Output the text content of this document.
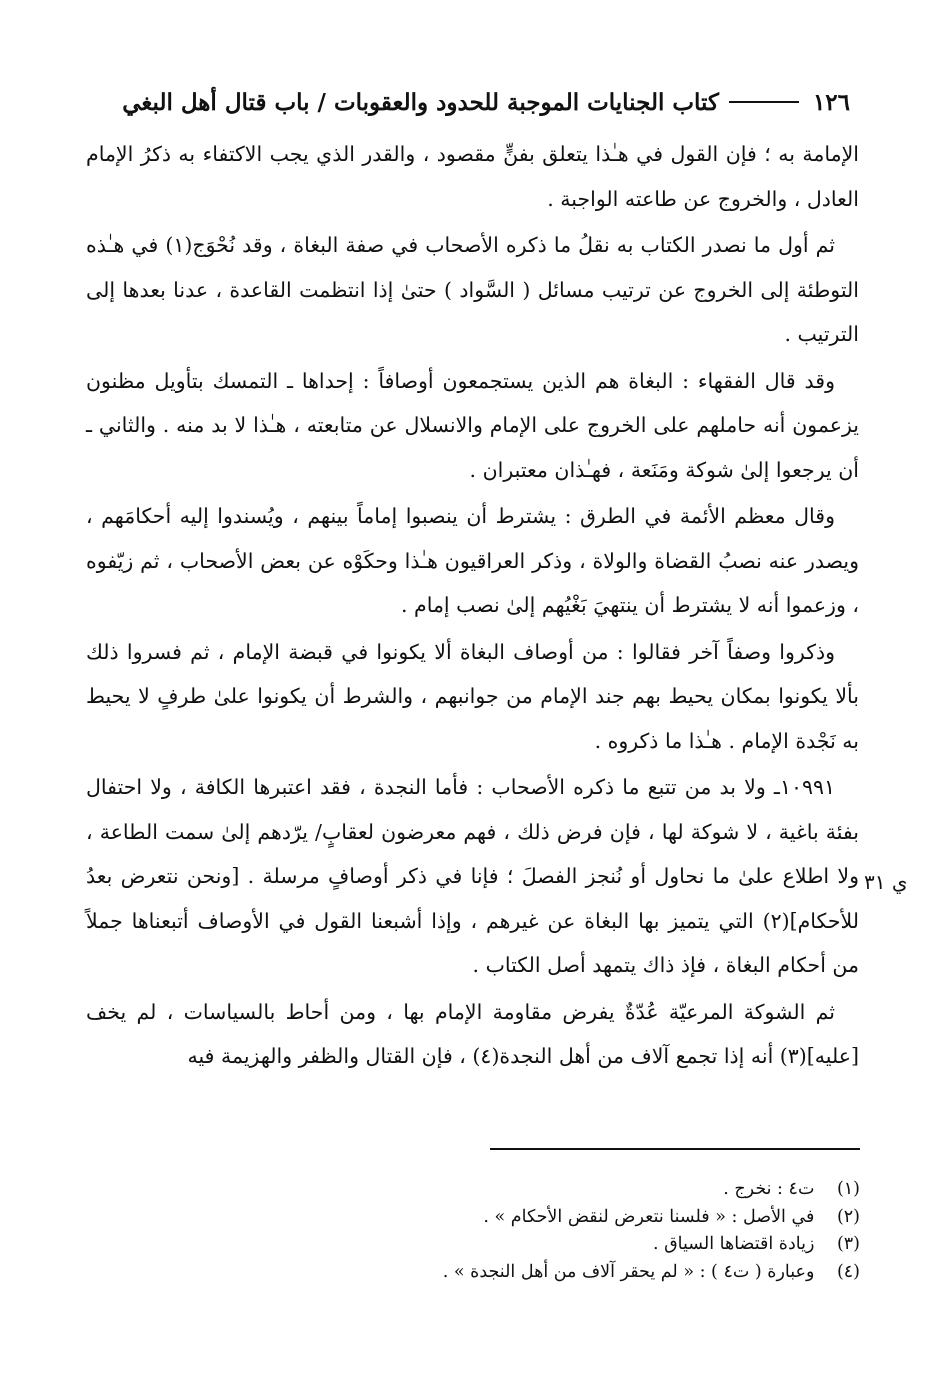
١٢٦
كتاب الجنايات الموجبة للحدود والعقوبات / باب قتال أهل البغي

الإمامة به ؛ فإن القول في هـٰذا يتعلق بفنٍّ مقصود ، والقدر الذي يجب الاكتفاء به ذكرُ الإمام العادل ، والخروج عن طاعته الواجبة .

ثم أول ما نصدر الكتاب به نقلُ ما ذكره الأصحاب في صفة البغاة ، وقد نُحْوَج(١) في هـٰذه التوطئة إلى الخروج عن ترتيب مسائل ( السَّواد ) حتىٰ إذا انتظمت القاعدة ، عدنا بعدها إلى الترتيب .

وقد قال الفقهاء : البغاة هم الذين يستجمعون أوصافاً : إحداها ـ التمسك بتأويل مظنون يزعمون أنه حاملهم على الخروج على الإمام والانسلال عن متابعته ، هـٰذا لا بد منه . والثاني ـ أن يرجعوا إلىٰ شوكة ومَنَعة ، فهـٰذان معتبران .

وقال معظم الأئمة في الطرق : يشترط أن ينصبوا إماماً بينهم ، ويُسندوا إليه أحكامَهم ، ويصدر عنه نصبُ القضاة والولاة ، وذكر العراقيون هـٰذا وحكَوْه عن بعض الأصحاب ، ثم زيّفوه ، وزعموا أنه لا يشترط أن ينتهيَ بَغْيُهم إلىٰ نصب إمام .

وذكروا وصفاً آخر فقالوا : من أوصاف البغاة ألا يكونوا في قبضة الإمام ، ثم فسروا ذلك بألا يكونوا بمكان يحيط بهم جند الإمام من جوانبهم ، والشرط أن يكونوا علىٰ طرفٍ لا يحيط به نَجْدة الإمام . هـٰذا ما ذكروه .

١٠٩٩١ـ ولا بد من تتبع ما ذكره الأصحاب : فأما النجدة ، فقد اعتبرها الكافة ، ولا احتفال بفئة باغية ، لا شوكة لها ، فإن فرض ذلك ، فهم معرضون لعقابٍ/ يرّدهم إلىٰ سمت الطاعة ، ولا اطلاع علىٰ ما نحاول أو نُنجز الفصلَ ؛ فإنا في ذكر أوصافٍ مرسلة . [ونحن نتعرض بعدُ للأحكام](٢) التي يتميز بها البغاة عن غيرهم ، وإذا أشبعنا القول في الأوصاف أتبعناها جملاً من أحكام البغاة ، فإذ ذاك يتمهد أصل الكتاب .

ثم الشوكة المرعيّة عُدّةٌ يفرض مقاومة الإمام بها ، ومن أحاط بالسياسات ، لم يخف [عليه](٣) أنه إذا تجمع آلاف من أهل النجدة(٤) ، فإن القتال والظفر والهزيمة فيه

ي ٣١
(١) ت٤ : نخرج .
(٢) في الأصل : « فلسنا نتعرض لنقض الأحكام » .
(٣) زيادة اقتضاها السياق .
(٤) وعبارة ( ت٤ ) : « لم يحقر آلاف من أهل النجدة » .
